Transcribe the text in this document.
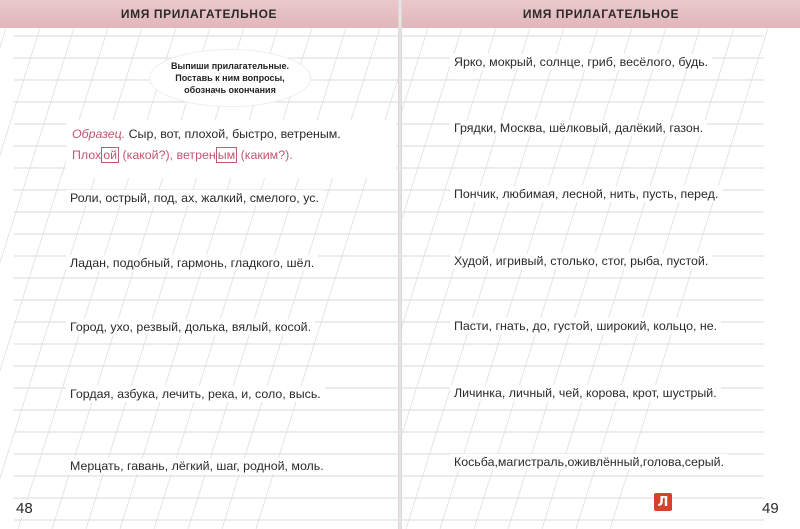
ИМЯ ПРИЛАГАТЕЛЬНОЕ
Выпиши прилагательные.
Поставь к ним вопросы,
обозначь окончания
Образец. Сыр, вот, плохой, быстро, ветреным.
Плох ой (какой?), ветрен ым (каким?).
Роли, острый, под, ах, жалкий, смелого, ус.
Ладан, подобный, гармонь, гладкого, шёл.
Город, ухо, резвый, долька, вялый, косой.
Гордая, азбука, лечить, река, и, соло, высь.
Мерцать, гавань, лёгкий, шаг, родной, моль.
48
ИМЯ ПРИЛАГАТЕЛЬНОЕ
Ярко, мокрый, солнце, гриб, весёлого, будь.
Грядки, Москва, шёлковый, далёкий, газон.
Пончик, любимая, лесной, нить, пусть, перед.
Худой, игривый, столько, стог, рыба, пустой.
Пасти, гнать, до, густой, широкий, кольцо, не.
Личинка, личный, чей, корова, крот, шустрый.
Косьба,магистраль,оживлённый,голова,серый.
49
Л
